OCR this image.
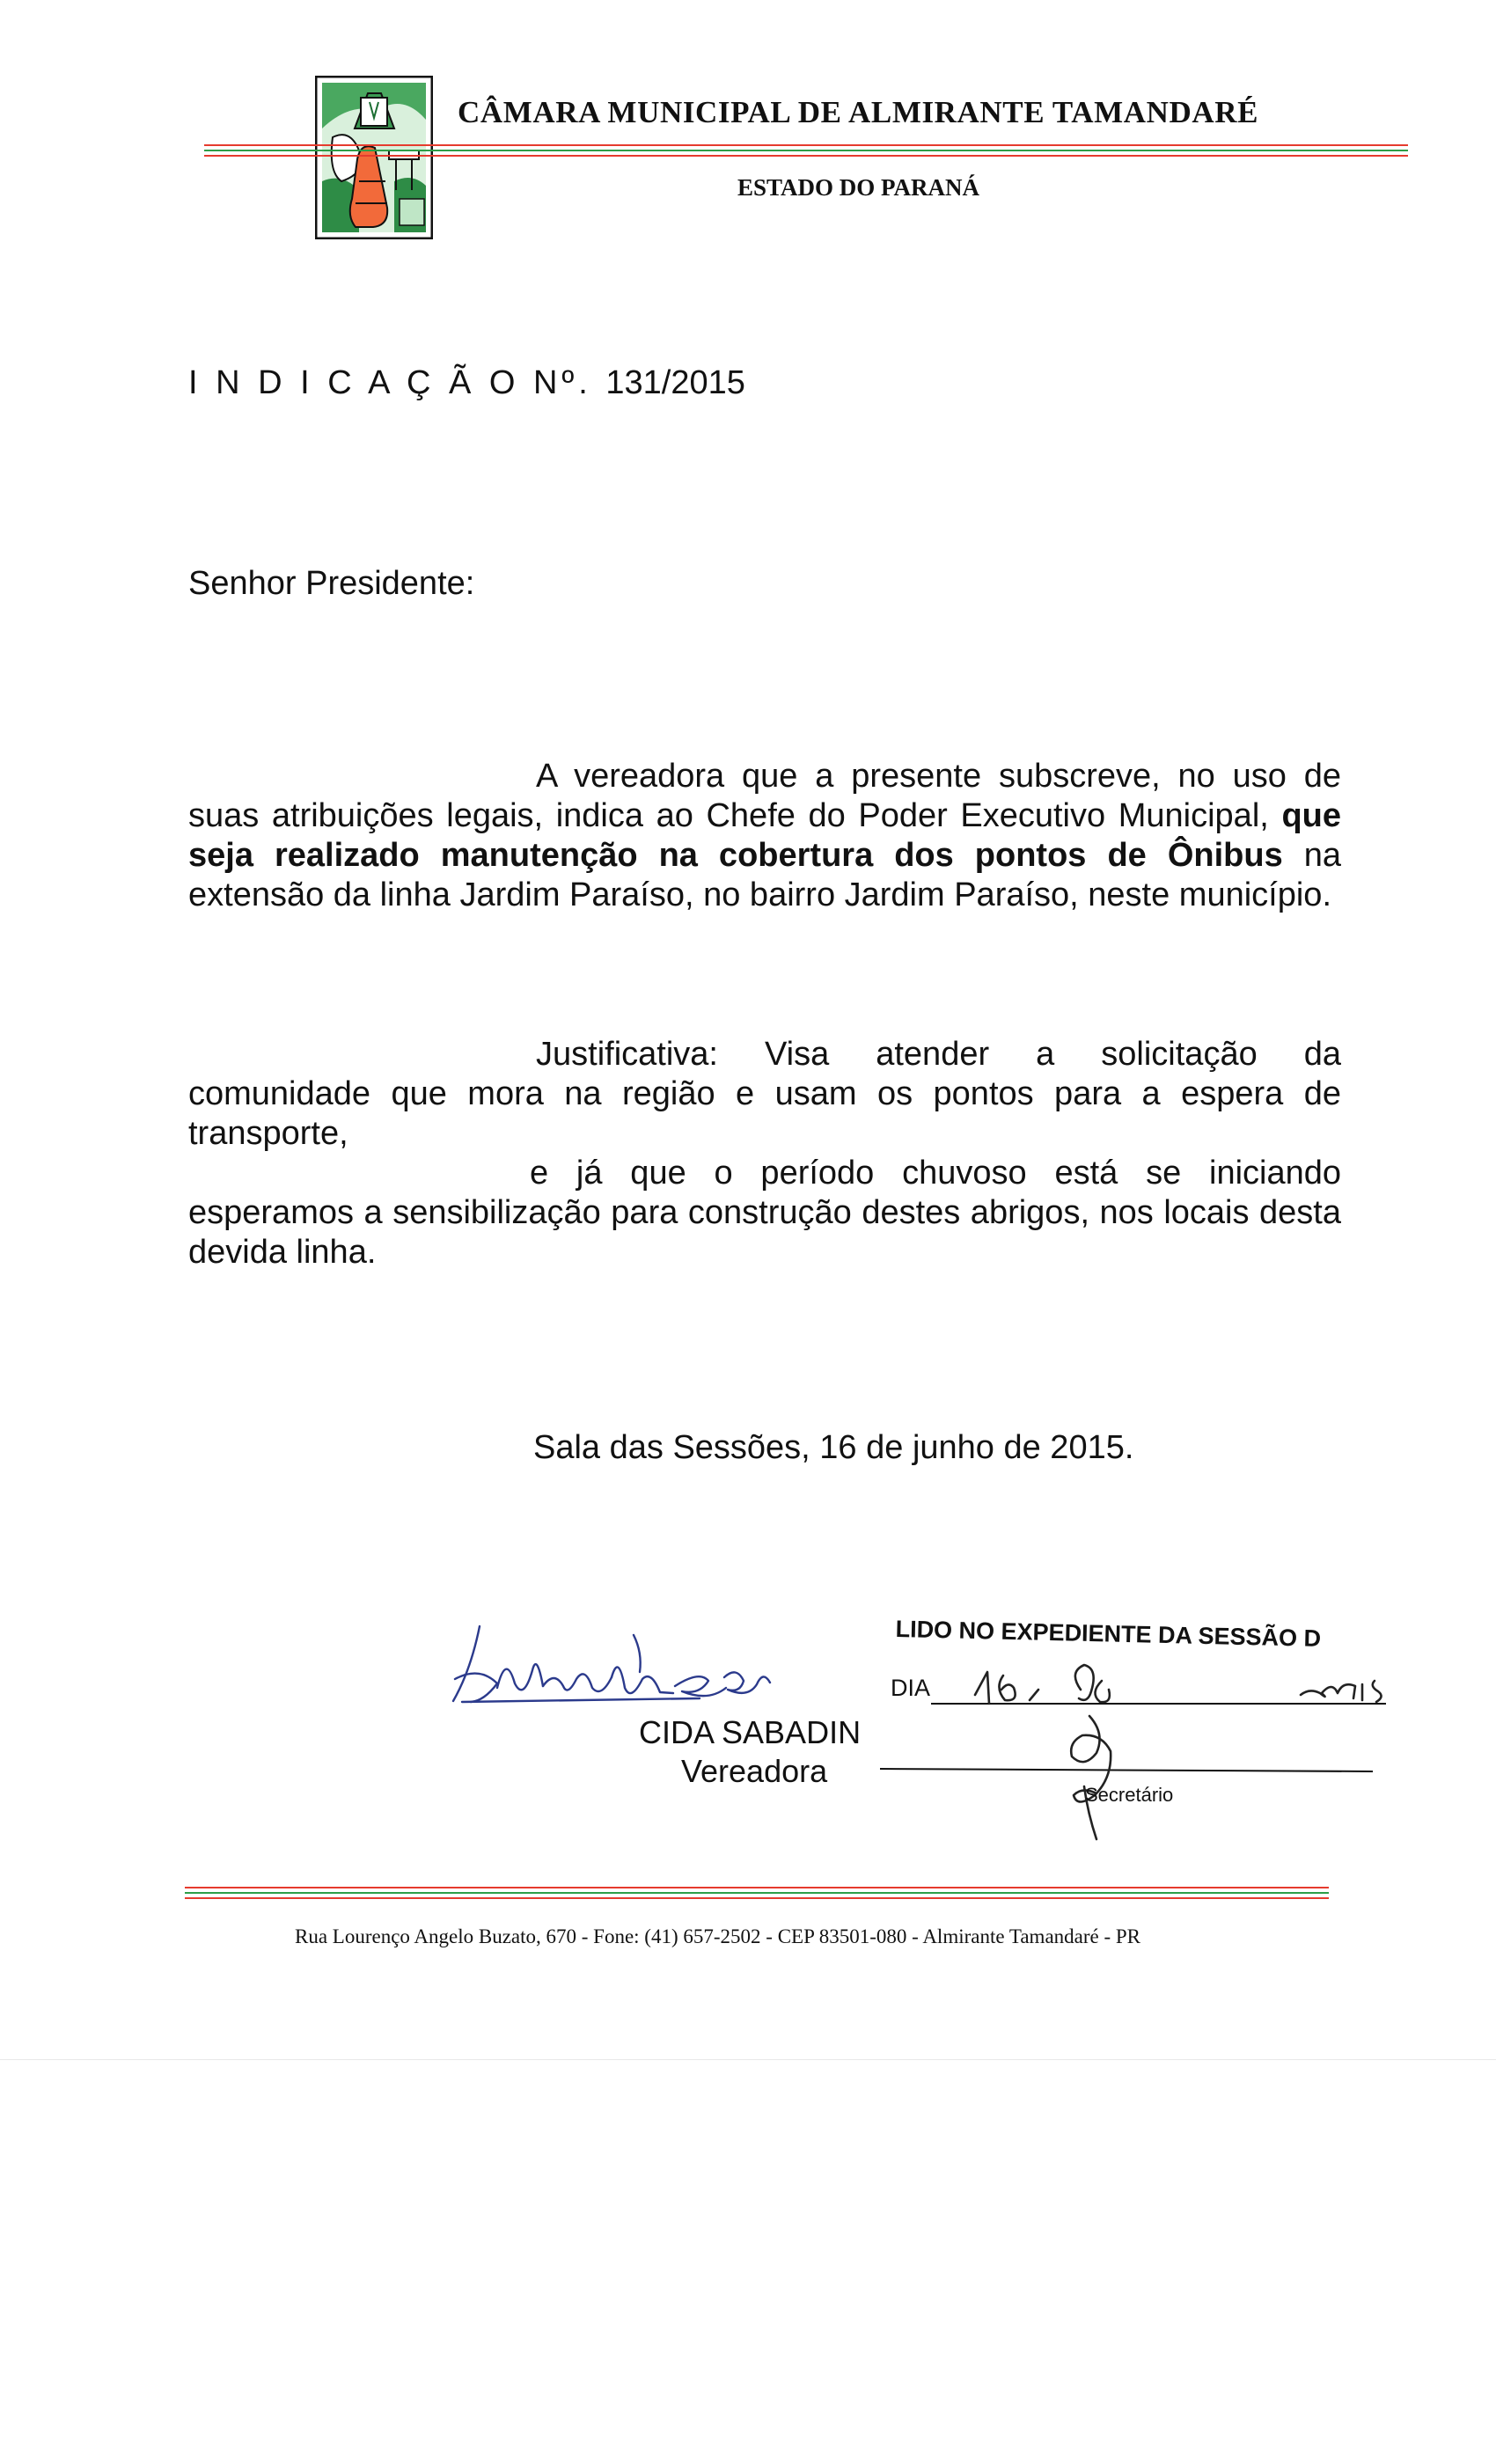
CÂMARA MUNICIPAL DE ALMIRANTE TAMANDARÉ
ESTADO DO PARANÁ
I N D I C A Ç Ã O Nº. 131/2015
Senhor Presidente:

A vereadora que a presente subscreve, no uso de suas atribuições legais, indica ao Chefe do Poder Executivo Municipal, que seja realizado manutenção na cobertura dos pontos de Ônibus na extensão da linha Jardim Paraíso, no bairro Jardim Paraíso, neste município.

Justificativa: Visa atender a solicitação da comunidade que mora na região e usam os pontos para a espera de transporte,

e já que o período chuvoso está se iniciando esperamos a sensibilização para construção destes abrigos, nos locais desta devida linha.

Sala das Sessões, 16 de junho de 2015.
CIDA SABADIN
Vereadora
LIDO NO EXPEDIENTE DA SESSÃO D
DIA
Secretário
Rua Lourenço Angelo Buzato, 670 - Fone: (41) 657-2502 - CEP 83501-080 - Almirante Tamandaré - PR
